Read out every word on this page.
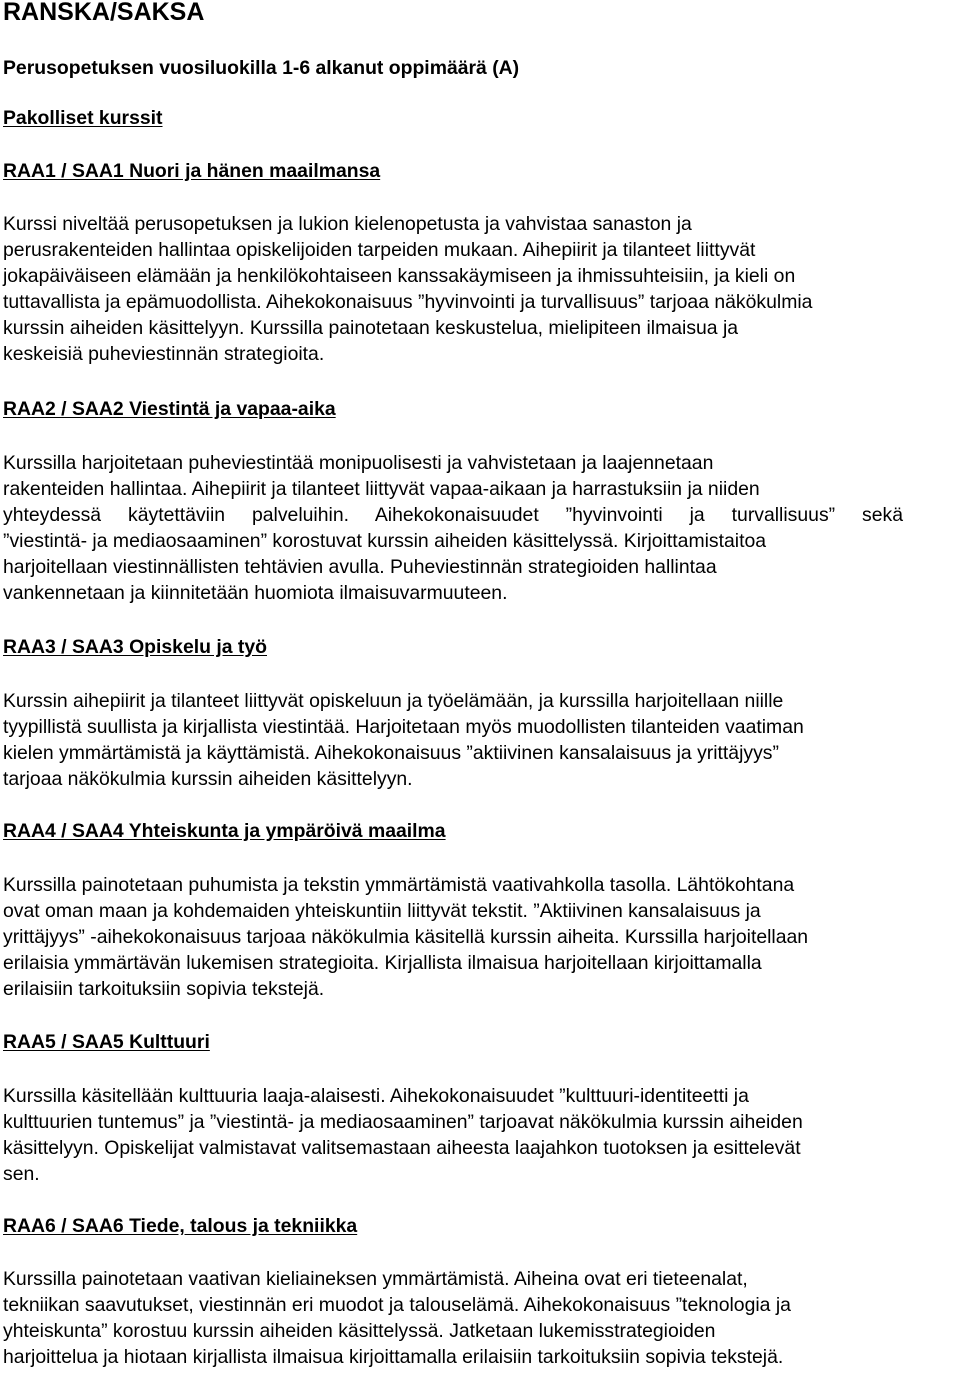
RANSKA/SAKSA
Perusopetuksen vuosiluokilla 1-6 alkanut oppimäärä (A)
Pakolliset kurssit
RAA1 / SAA1 Nuori ja hänen maailmansa
Kurssi niveltää perusopetuksen ja lukion kielenopetusta ja vahvistaa sanaston ja
perusrakenteiden hallintaa opiskelijoiden tarpeiden mukaan. Aihepiirit ja tilanteet liittyvät
jokapäiväiseen elämään ja henkilökohtaiseen kanssakäymiseen ja ihmissuhteisiin, ja kieli on
tuttavallista ja epämuodollista. Aihekokonaisuus ”hyvinvointi ja turvallisuus” tarjoaa näkökulmia
kurssin aiheiden käsittelyyn. Kurssilla painotetaan keskustelua, mielipiteen ilmaisua ja
keskeisiä puheviestinnän strategioita.
RAA2 / SAA2 Viestintä ja vapaa-aika
Kurssilla harjoitetaan puheviestintää monipuolisesti ja vahvistetaan ja laajennetaan
rakenteiden hallintaa. Aihepiirit ja tilanteet liittyvät vapaa-aikaan ja harrastuksiin ja niiden
yhteydessä käytettäviin palveluihin. Aihekokonaisuudet ”hyvinvointi ja turvallisuus” sekä
”viestintä- ja mediaosaaminen” korostuvat kurssin aiheiden käsittelyssä. Kirjoittamistaitoa
harjoitellaan viestinnällisten tehtävien avulla. Puheviestinnän strategioiden hallintaa
vankennetaan ja kiinnitetään huomiota ilmaisuvarmuuteen.
RAA3 / SAA3 Opiskelu ja työ
Kurssin aihepiirit ja tilanteet liittyvät opiskeluun ja työelämään, ja kurssilla harjoitellaan niille
tyypillistä suullista ja kirjallista viestintää. Harjoitetaan myös muodollisten tilanteiden vaatiman
kielen ymmärtämistä ja käyttämistä. Aihekokonaisuus ”aktiivinen kansalaisuus ja yrittäjyys”
tarjoaa näkökulmia kurssin aiheiden käsittelyyn.
RAA4 / SAA4 Yhteiskunta ja ympäröivä maailma
Kurssilla painotetaan puhumista ja tekstin ymmärtämistä vaativahkolla tasolla. Lähtökohtana
ovat oman maan ja kohdemaiden yhteiskuntiin liittyvät tekstit. ”Aktiivinen kansalaisuus ja
yrittäjyys” -aihekokonaisuus tarjoaa näkökulmia käsitellä kurssin aiheita. Kurssilla harjoitellaan
erilaisia ymmärtävän lukemisen strategioita. Kirjallista ilmaisua harjoitellaan kirjoittamalla
erilaisiin tarkoituksiin sopivia tekstejä.
RAA5 / SAA5 Kulttuuri
Kurssilla käsitellään kulttuuria laaja-alaisesti. Aihekokonaisuudet ”kulttuuri-identiteetti ja
kulttuurien tuntemus” ja ”viestintä- ja mediaosaaminen” tarjoavat näkökulmia kurssin aiheiden
käsittelyyn. Opiskelijat valmistavat valitsemastaan aiheesta laajahkon tuotoksen ja esittelevät
sen.
RAA6 / SAA6 Tiede, talous ja tekniikka
Kurssilla painotetaan vaativan kieliaineksen ymmärtämistä. Aiheina ovat eri tieteenalat,
tekniikan saavutukset, viestinnän eri muodot ja talouselämä. Aihekokonaisuus ”teknologia ja
yhteiskunta” korostuu kurssin aiheiden käsittelyssä. Jatketaan lukemisstrategioiden
harjoittelua ja hiotaan kirjallista ilmaisua kirjoittamalla erilaisiin tarkoituksiin sopivia tekstejä.
